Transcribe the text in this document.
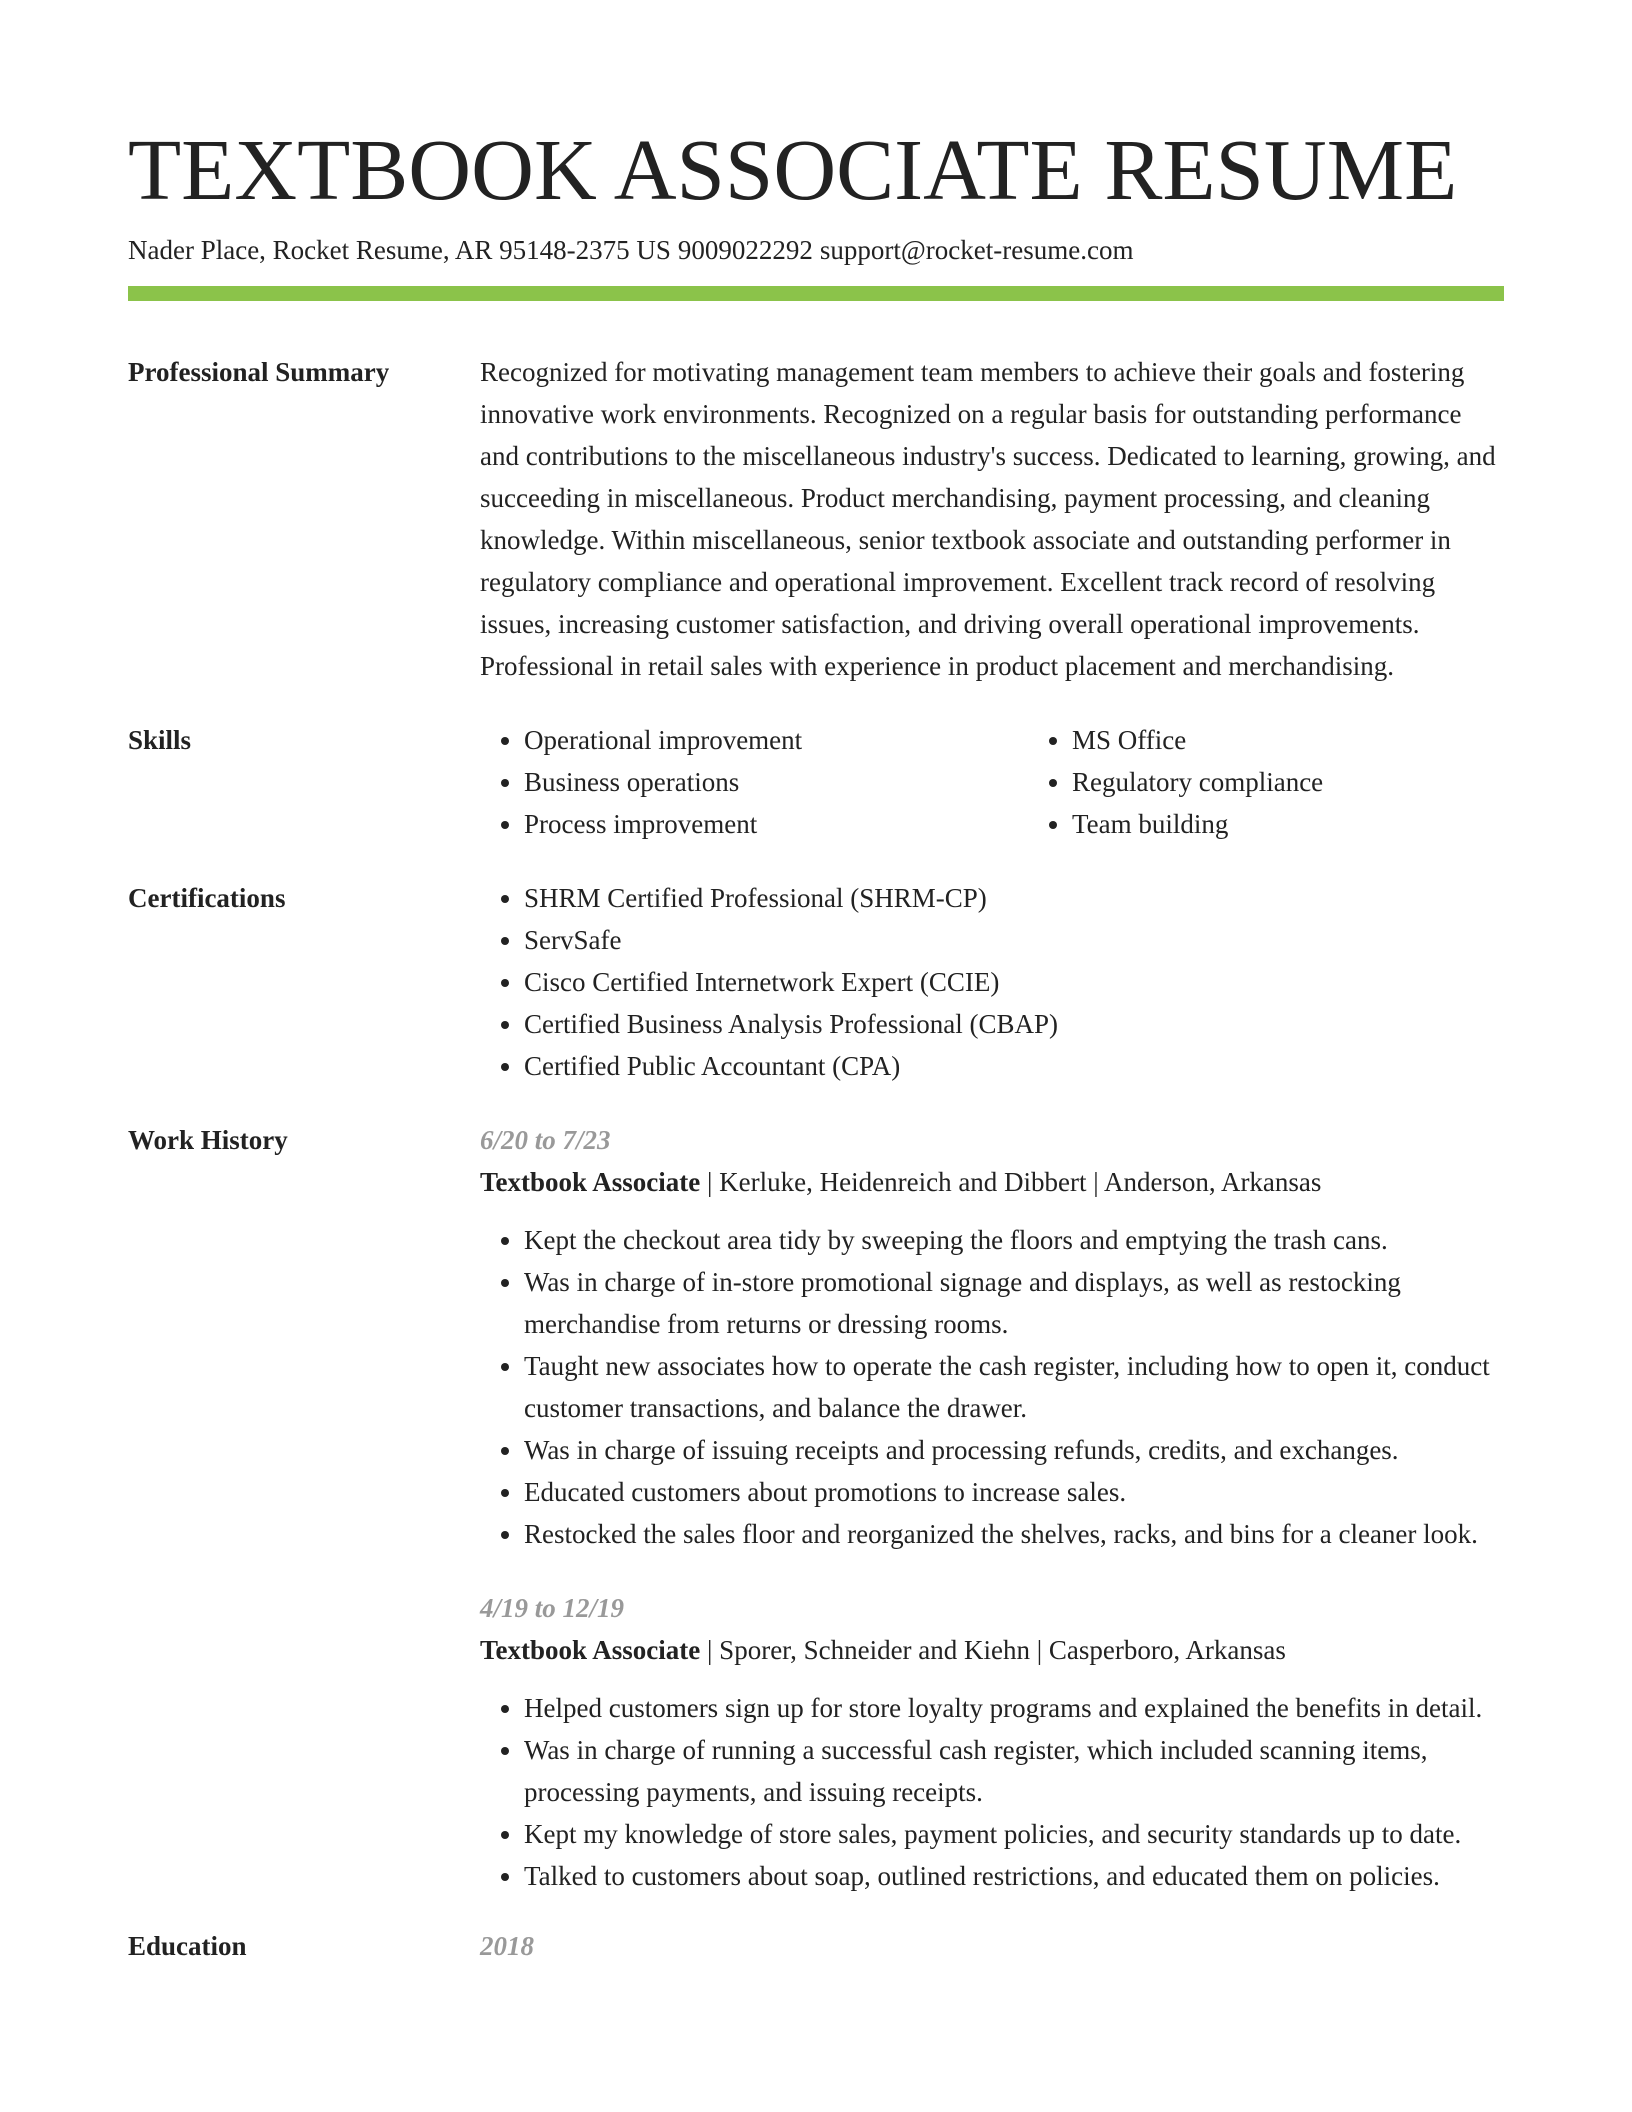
TEXTBOOK ASSOCIATE RESUME
Nader Place, Rocket Resume, AR 95148-2375 US 9009022292 support@rocket-resume.com
Professional Summary	Recognized for motivating management team members to achieve their goals and fostering innovative work environments. Recognized on a regular basis for outstanding performance and contributions to the miscellaneous industry's success. Dedicated to learning, growing, and succeeding in miscellaneous. Product merchandising, payment processing, and cleaning knowledge. Within miscellaneous, senior textbook associate and outstanding performer in regulatory compliance and operational improvement. Excellent track record of resolving issues, increasing customer satisfaction, and driving overall operational improvements. Professional in retail sales with experience in product placement and merchandising.

Skills	• Operational improvement
• Business operations
• Process improvement
• MS Office
• Regulatory compliance
• Team building
Certifications	• SHRM Certified Professional (SHRM-CP)
• ServSafe
• Cisco Certified Internetwork Expert (CCIE)
• Certified Business Analysis Professional (CBAP)
• Certified Public Accountant (CPA)
Work History	6/20 to 7/23
Textbook Associate | Kerluke, Heidenreich and Dibbert | Anderson, Arkansas
• Kept the checkout area tidy by sweeping the floors and emptying the trash cans.
• Was in charge of in-store promotional signage and displays, as well as restocking merchandise from returns or dressing rooms.
• Taught new associates how to operate the cash register, including how to open it, conduct customer transactions, and balance the drawer.
• Was in charge of issuing receipts and processing refunds, credits, and exchanges.
• Educated customers about promotions to increase sales.
• Restocked the sales floor and reorganized the shelves, racks, and bins for a cleaner look.
4/19 to 12/19
Textbook Associate | Sporer, Schneider and Kiehn | Casperboro, Arkansas
• Helped customers sign up for store loyalty programs and explained the benefits in detail.
• Was in charge of running a successful cash register, which included scanning items, processing payments, and issuing receipts.
• Kept my knowledge of store sales, payment policies, and security standards up to date.
• Talked to customers about soap, outlined restrictions, and educated them on policies.
Education	2018
